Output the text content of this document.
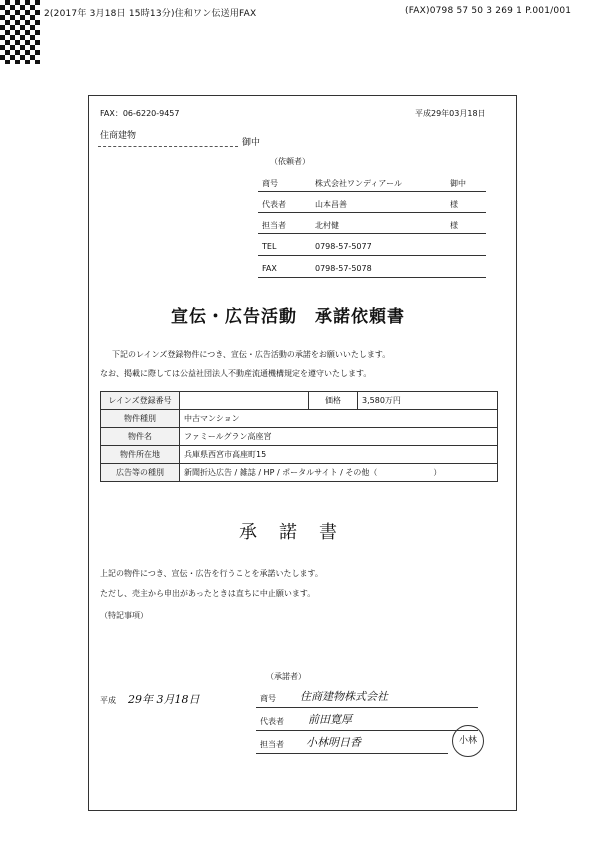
2(2017年 3月18日 15時13分)住和ワン伝送用FAX	(FAX)0798 57 50 3 269 1 P.001/001
FAX：06-6220-9457	平成29年03月18日
住商建物
御中
（依頼者）
商号	株式会社ワンディアール	御中
代表者	山本昌善	様
担当者	北村健	様
TEL	0798-57-5077
FAX	0798-57-5078
宣伝・広告活動　承諾依頼書
下記のレインズ登録物件につき、宣伝・広告活動の承諾をお願いいたします。
なお、掲載に際しては公益社団法人不動産流通機構規定を遵守いたします。
レインズ登録番号		価格	3,580万円
物件種別	中古マンション		
物件名	ファミールグラン高座宮		
物件所在地	兵庫県西宮市高座町15		
広告等の種別	新聞折込広告 / 雑誌 / HP / ポータルサイト / その他（　　　　　　　）		
承諾書
上記の物件につき、宣伝・広告を行うことを承諾いたします。
ただし、売主から申出があったときは直ちに中止願います。
（特記事項）
（承諾者）
平成 29年 3月18日	商号 住商建物株式会社
代表者 前田寛厚
担当者 小林明日香	小林
